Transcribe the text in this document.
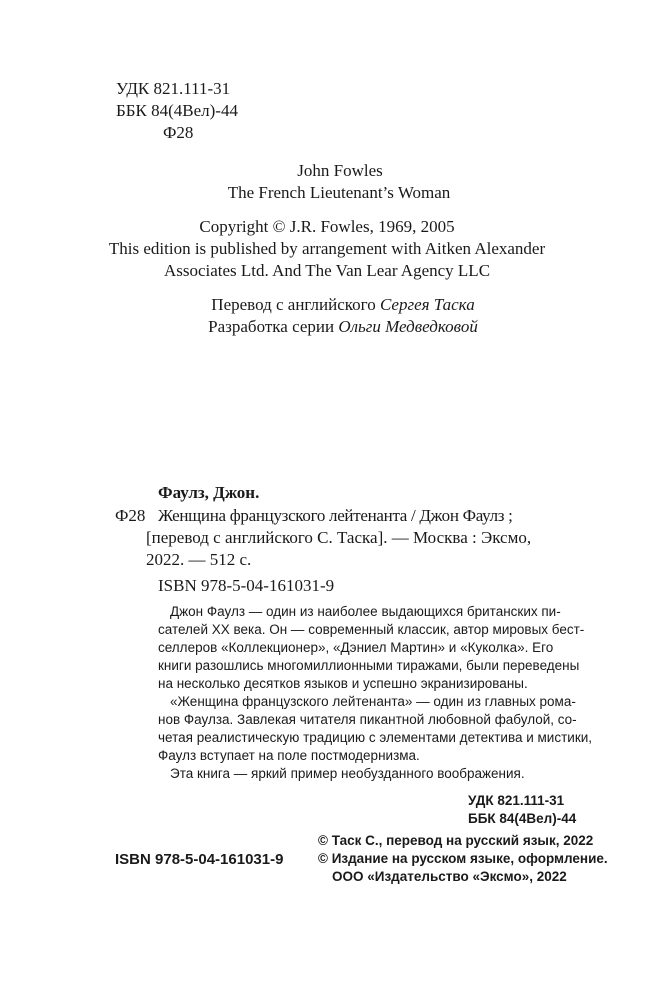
УДК 821.111-31
ББК 84(4Вел)-44
Ф28
John Fowles
The French Lieutenant’s Woman
Copyright © J.R. Fowles, 1969, 2005
This edition is published by arrangement with Aitken Alexander
Associates Ltd. And The Van Lear Agency LLC
Перевод с английского Сергея Таска
Разработка серии Ольги Медведковой
Фаулз, Джон.
Ф28 Женщина французского лейтенанта / Джон Фаулз ;
[перевод с английского С. Таска]. — Москва : Эксмо,
2022. — 512 с.
ISBN 978-5-04-161031-9
Джон Фаулз — один из наиболее выдающихся британских пи-
сателей XX века. Он — современный классик, автор мировых бест-
селлеров «Коллекционер», «Дэниел Мартин» и «Куколка». Его
книги разошлись многомиллионными тиражами, были переведены
на несколько десятков языков и успешно экранизированы.
«Женщина французского лейтенанта» — один из главных рома-
нов Фаулза. Завлекая читателя пикантной любовной фабулой, со-
четая реалистическую традицию с элементами детектива и мистики,
Фаулз вступает на поле постмодернизма.
Эта книга — яркий пример необузданного воображения.
УДК 821.111-31
ББК 84(4Вел)-44
ISBN 978-5-04-161031-9
© Таск С., перевод на русский язык, 2022
© Издание на русском языке, оформление.
ООО «Издательство «Эксмо», 2022
